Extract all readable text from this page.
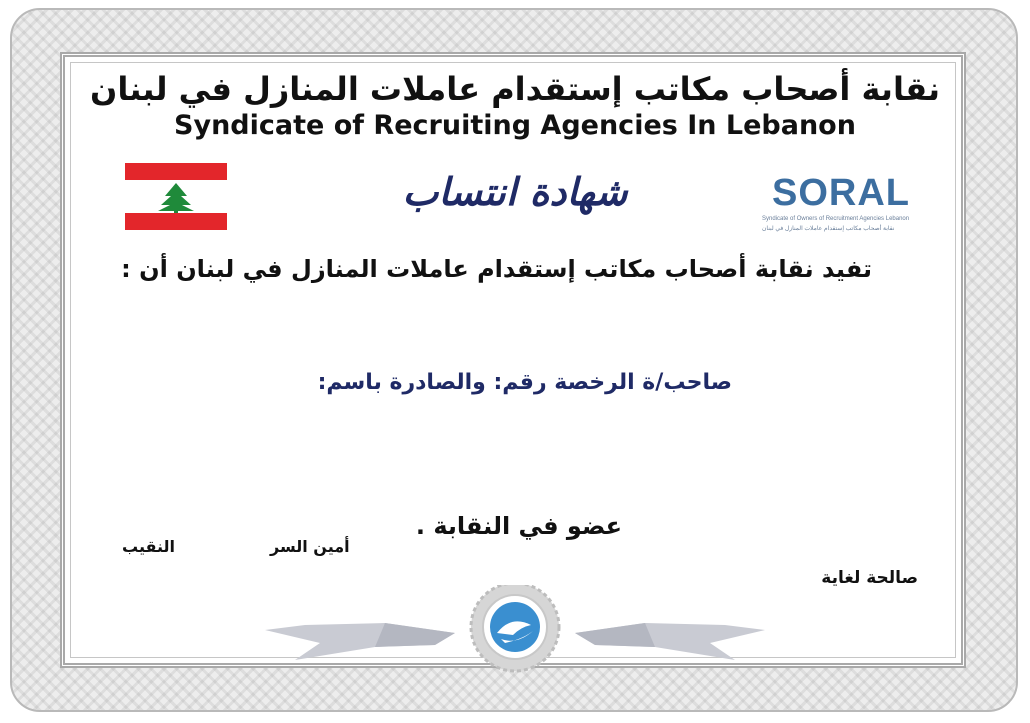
نقابة أصحاب مكاتب إستقدام عاملات المنازل في لبنان
Syndicate of Recruiting Agencies In Lebanon
شهادة انتساب	SORAL
Syndicate of Owners of Recruitment Agencies Lebanon
نقابة أصحاب مكاتب إستقدام عاملات المنازل في لبنان
تفيد نقابة أصحاب مكاتب إستقدام عاملات المنازل في لبنان أن :
صاحب/ة الرخصة رقم: والصادرة باسم:
عضو في النقابة .
أمين السر
النقيب
صالحة لغاية
